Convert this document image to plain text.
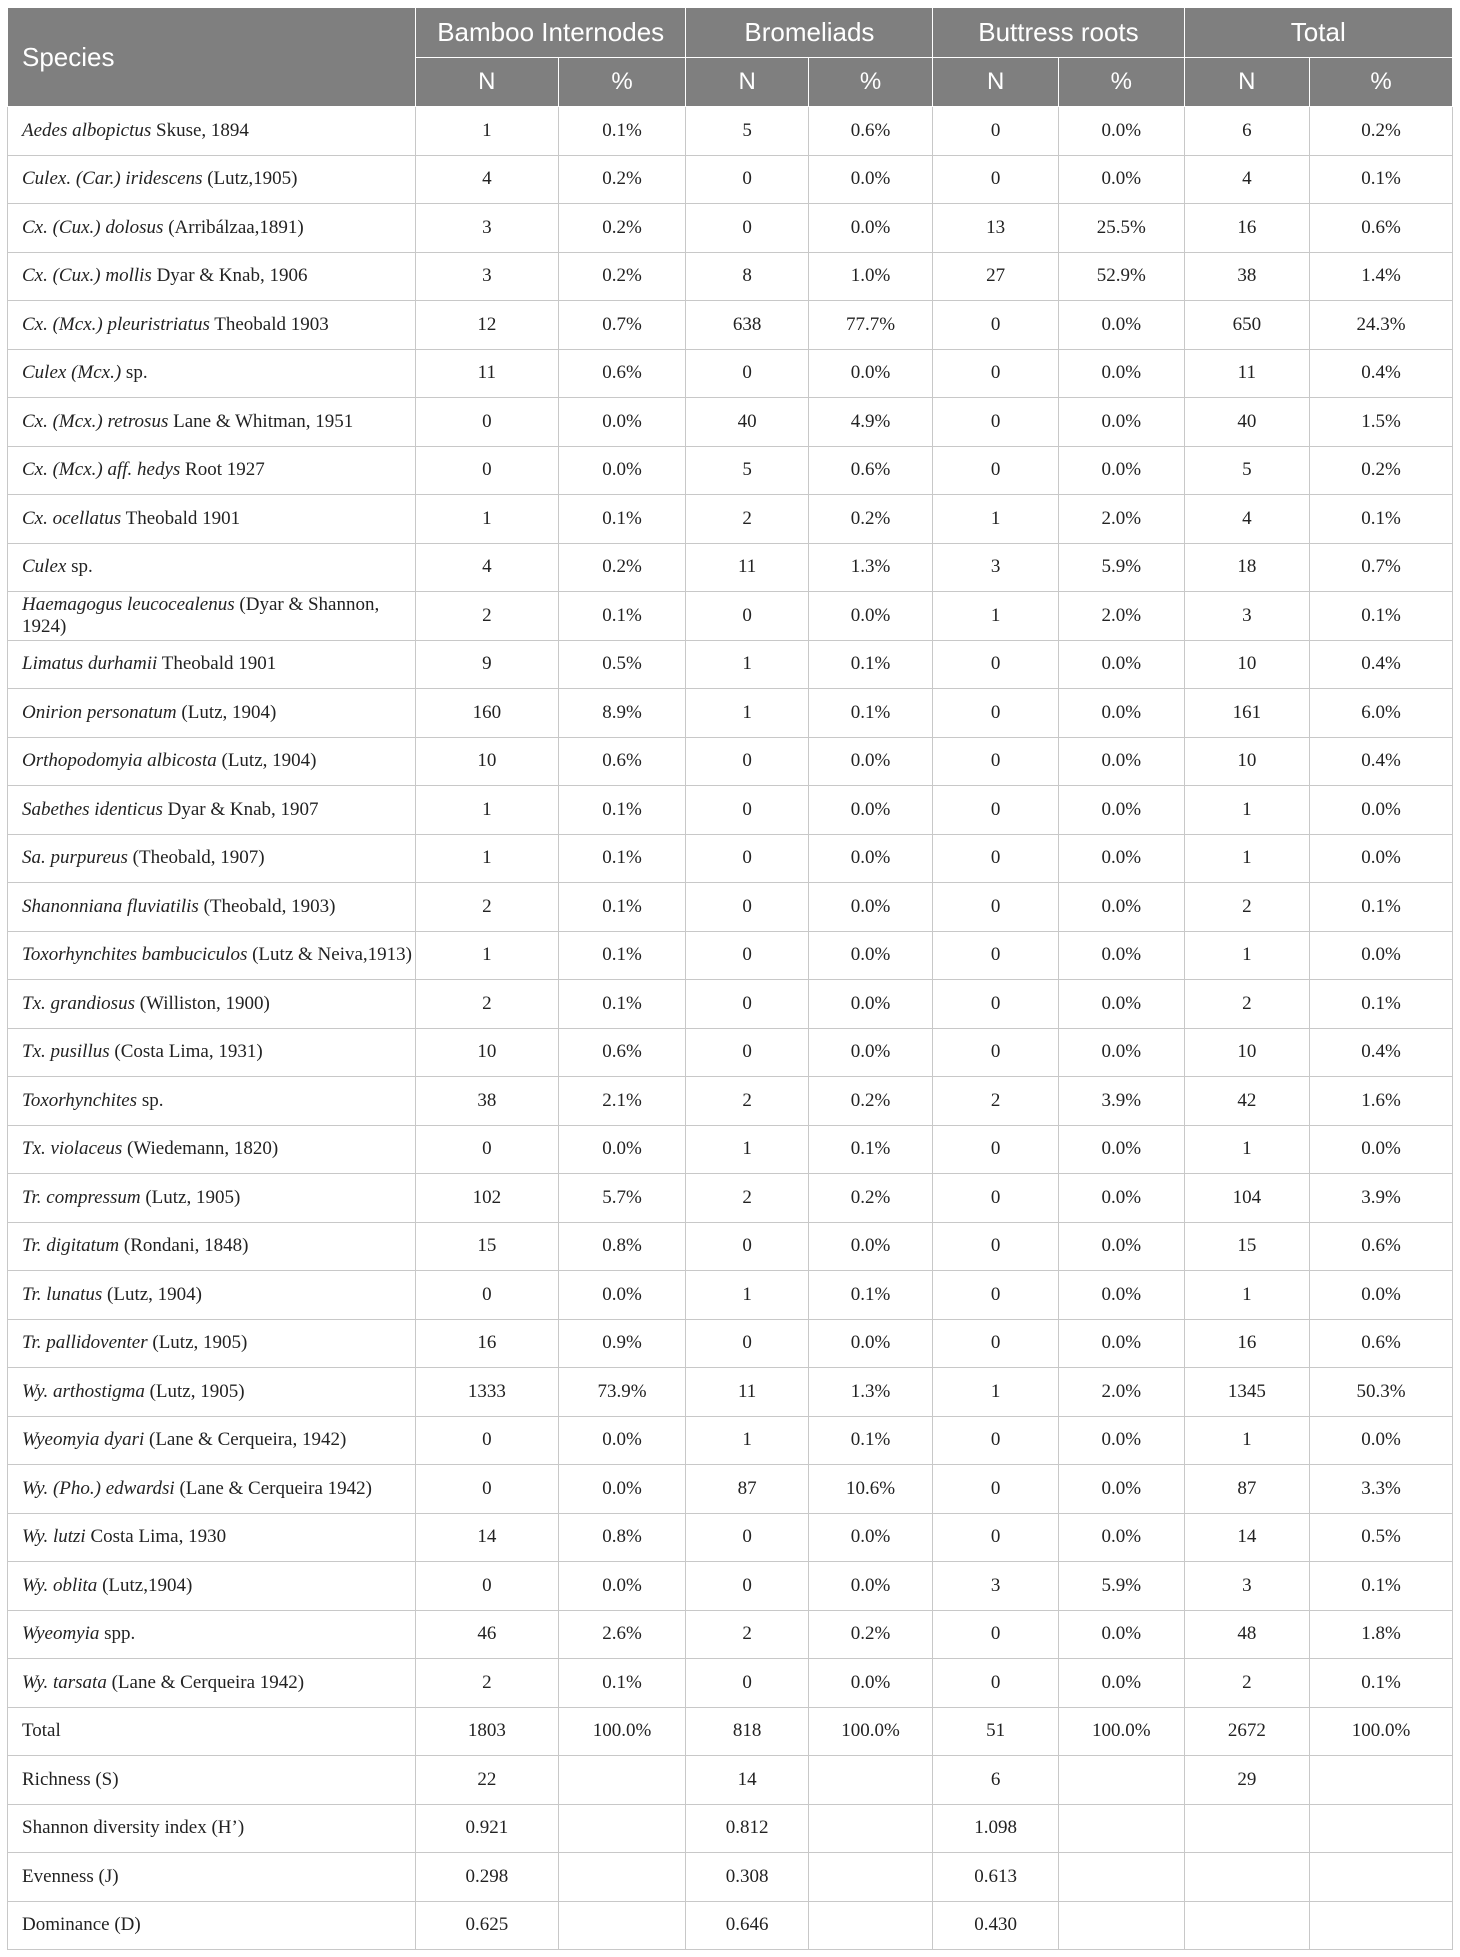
Species	Bamboo Internodes		Bromeliads		Buttress roots		Total	
	N	%	N	%	N	%	N	%
Aedes albopictus Skuse, 1894	1	0.1%	5	0.6%	0	0.0%	6	0.2%
Culex. (Car.) iridescens (Lutz,1905)	4	0.2%	0	0.0%	0	0.0%	4	0.1%
Cx. (Cux.) dolosus (Arribálzaa,1891)	3	0.2%	0	0.0%	13	25.5%	16	0.6%
Cx. (Cux.) mollis Dyar & Knab, 1906	3	0.2%	8	1.0%	27	52.9%	38	1.4%
Cx. (Mcx.) pleuristriatus Theobald 1903	12	0.7%	638	77.7%	0	0.0%	650	24.3%
Culex (Mcx.) sp.	11	0.6%	0	0.0%	0	0.0%	11	0.4%
Cx. (Mcx.) retrosus Lane & Whitman, 1951	0	0.0%	40	4.9%	0	0.0%	40	1.5%
Cx. (Mcx.) aff. hedys Root 1927	0	0.0%	5	0.6%	0	0.0%	5	0.2%
Cx. ocellatus Theobald 1901	1	0.1%	2	0.2%	1	2.0%	4	0.1%
Culex sp.	4	0.2%	11	1.3%	3	5.9%	18	0.7%
Haemagogus leucocealenus (Dyar & Shannon, 1924)	2	0.1%	0	0.0%	1	2.0%	3	0.1%
Limatus durhamii Theobald 1901	9	0.5%	1	0.1%	0	0.0%	10	0.4%
Onirion personatum (Lutz, 1904)	160	8.9%	1	0.1%	0	0.0%	161	6.0%
Orthopodomyia albicosta (Lutz, 1904)	10	0.6%	0	0.0%	0	0.0%	10	0.4%
Sabethes identicus Dyar & Knab, 1907	1	0.1%	0	0.0%	0	0.0%	1	0.0%
Sa. purpureus (Theobald, 1907)	1	0.1%	0	0.0%	0	0.0%	1	0.0%
Shanonniana fluviatilis (Theobald, 1903)	2	0.1%	0	0.0%	0	0.0%	2	0.1%
Toxorhynchites bambuciculos (Lutz & Neiva,1913)	1	0.1%	0	0.0%	0	0.0%	1	0.0%
Tx. grandiosus (Williston, 1900)	2	0.1%	0	0.0%	0	0.0%	2	0.1%
Tx. pusillus (Costa Lima, 1931)	10	0.6%	0	0.0%	0	0.0%	10	0.4%
Toxorhynchites sp.	38	2.1%	2	0.2%	2	3.9%	42	1.6%
Tx. violaceus (Wiedemann, 1820)	0	0.0%	1	0.1%	0	0.0%	1	0.0%
Tr. compressum (Lutz, 1905)	102	5.7%	2	0.2%	0	0.0%	104	3.9%
Tr. digitatum (Rondani, 1848)	15	0.8%	0	0.0%	0	0.0%	15	0.6%
Tr. lunatus (Lutz, 1904)	0	0.0%	1	0.1%	0	0.0%	1	0.0%
Tr. pallidoventer (Lutz, 1905)	16	0.9%	0	0.0%	0	0.0%	16	0.6%
Wy. arthostigma (Lutz, 1905)	1333	73.9%	11	1.3%	1	2.0%	1345	50.3%
Wyeomyia dyari (Lane & Cerqueira, 1942)	0	0.0%	1	0.1%	0	0.0%	1	0.0%
Wy. (Pho.) edwardsi (Lane & Cerqueira 1942)	0	0.0%	87	10.6%	0	0.0%	87	3.3%
Wy. lutzi Costa Lima, 1930	14	0.8%	0	0.0%	0	0.0%	14	0.5%
Wy. oblita (Lutz,1904)	0	0.0%	0	0.0%	3	5.9%	3	0.1%
Wyeomyia spp.	46	2.6%	2	0.2%	0	0.0%	48	1.8%
Wy. tarsata (Lane & Cerqueira 1942)	2	0.1%	0	0.0%	0	0.0%	2	0.1%
Total	1803	100.0%	818	100.0%	51	100.0%	2672	100.0%
Richness (S)	22		14		6		29	
Shannon diversity index (H’)	0.921		0.812		1.098			
Evenness (J)	0.298		0.308		0.613			
Dominance (D)	0.625		0.646		0.430			
